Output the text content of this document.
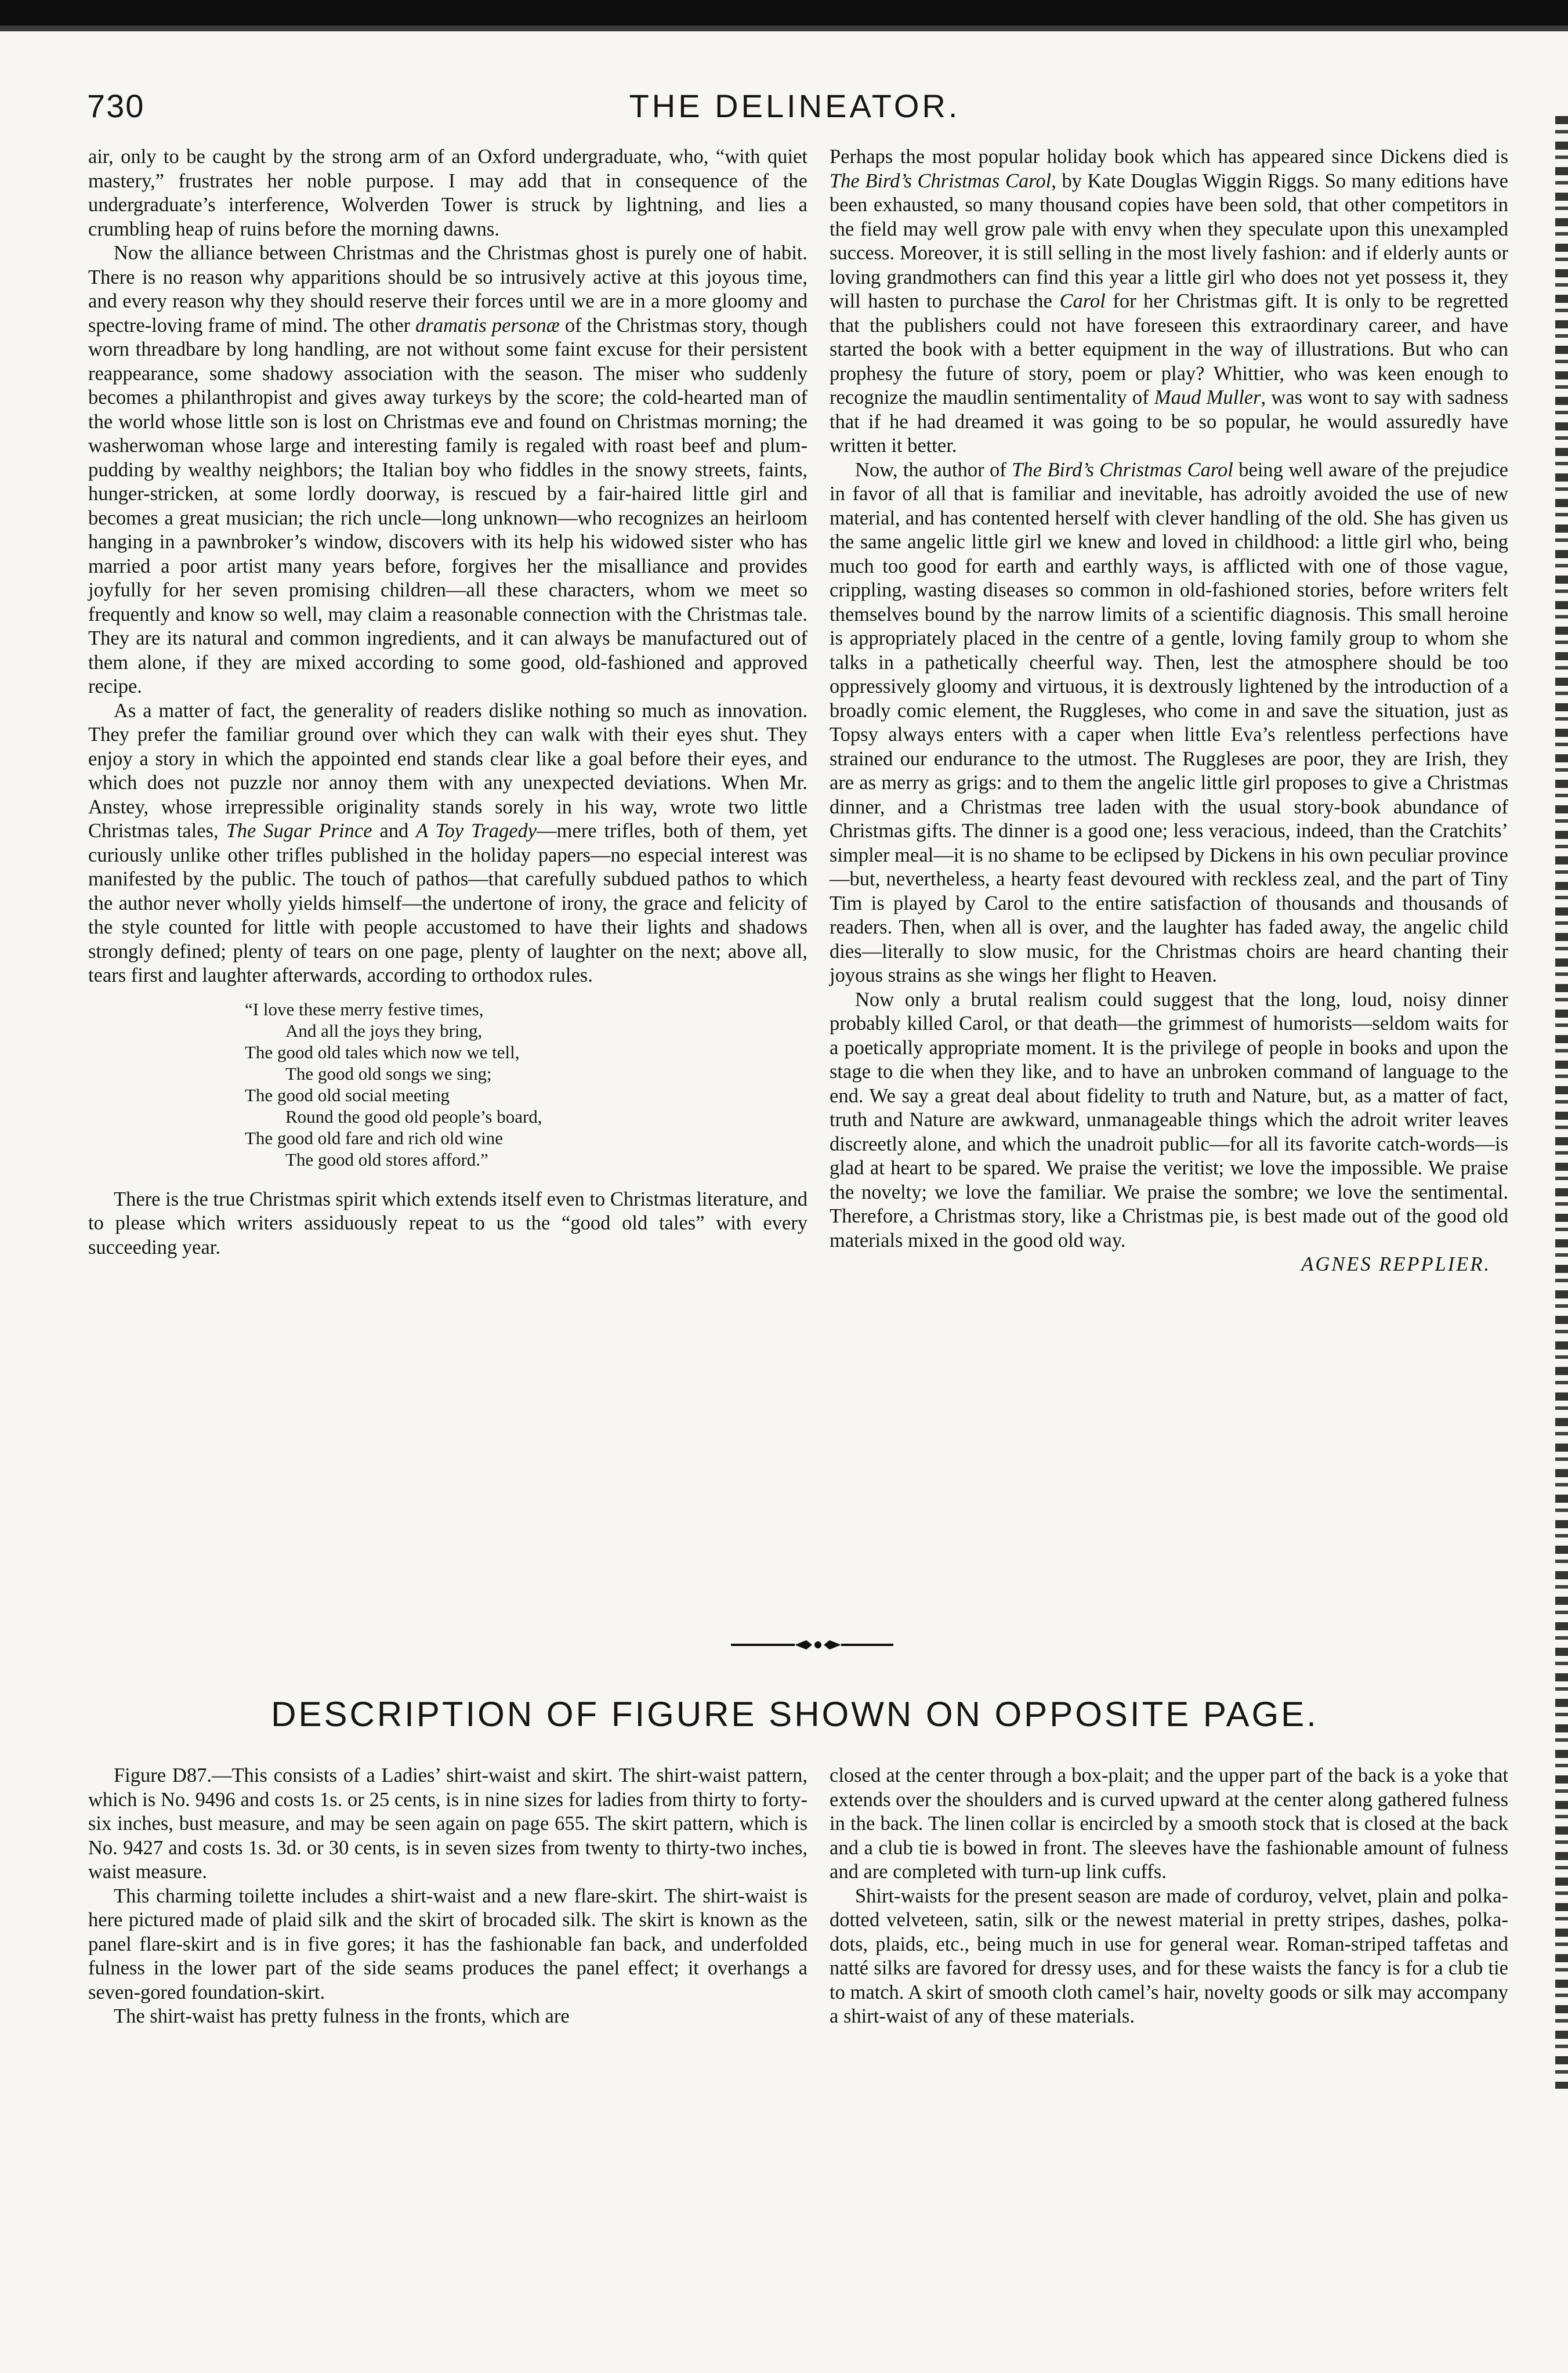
730	THE DELINEATOR.

air, only to be caught by the strong arm of an Oxford undergraduate, who, “with quiet mastery,” frustrates her noble purpose. I may add that in consequence of the undergraduate’s interference, Wolverden Tower is struck by lightning, and lies a crumbling heap of ruins before the morning dawns.

Now the alliance between Christmas and the Christmas ghost is purely one of habit. There is no reason why apparitions should be so intrusively active at this joyous time, and every reason why they should reserve their forces until we are in a more gloomy and spectre-loving frame of mind. The other dramatis personæ of the Christmas story, though worn threadbare by long handling, are not without some faint excuse for their persistent reappearance, some shadowy association with the season. The miser who suddenly becomes a philanthropist and gives away turkeys by the score; the cold-hearted man of the world whose little son is lost on Christmas eve and found on Christmas morning; the washerwoman whose large and interesting family is regaled with roast beef and plum-pudding by wealthy neighbors; the Italian boy who fiddles in the snowy streets, faints, hunger-stricken, at some lordly doorway, is rescued by a fair-haired little girl and becomes a great musician; the rich uncle—long unknown—who recognizes an heirloom hanging in a pawnbroker’s window, discovers with its help his widowed sister who has married a poor artist many years before, forgives her the misalliance and provides joyfully for her seven promising children—all these characters, whom we meet so frequently and know so well, may claim a reasonable connection with the Christmas tale. They are its natural and common ingredients, and it can always be manufactured out of them alone, if they are mixed according to some good, old-fashioned and approved recipe.

As a matter of fact, the generality of readers dislike nothing so much as innovation. They prefer the familiar ground over which they can walk with their eyes shut. They enjoy a story in which the appointed end stands clear like a goal before their eyes, and which does not puzzle nor annoy them with any unexpected deviations. When Mr. Anstey, whose irrepressible originality stands sorely in his way, wrote two little Christmas tales, The Sugar Prince and A Toy Tragedy—mere trifles, both of them, yet curiously unlike other trifles published in the holiday papers—no especial interest was manifested by the public. The touch of pathos—that carefully subdued pathos to which the author never wholly yields himself—the undertone of irony, the grace and felicity of the style counted for little with people accustomed to have their lights and shadows strongly defined; plenty of tears on one page, plenty of laughter on the next; above all, tears first and laughter afterwards, according to orthodox rules.

“I love these merry festive times,
And all the joys they bring,
The good old tales which now we tell,
The good old songs we sing;
The good old social meeting
Round the good old people’s board,
The good old fare and rich old wine
The good old stores afford.”

There is the true Christmas spirit which extends itself even to Christmas literature, and to please which writers assiduously repeat to us the “good old tales” with every succeeding year.

Perhaps the most popular holiday book which has appeared since Dickens died is The Bird’s Christmas Carol, by Kate Douglas Wiggin Riggs. So many editions have been exhausted, so many thousand copies have been sold, that other competitors in the field may well grow pale with envy when they speculate upon this unexampled success. Moreover, it is still selling in the most lively fashion: and if elderly aunts or loving grandmothers can find this year a little girl who does not yet possess it, they will hasten to purchase the Carol for her Christmas gift. It is only to be regretted that the publishers could not have foreseen this extraordinary career, and have started the book with a better equipment in the way of illustrations. But who can prophesy the future of story, poem or play? Whittier, who was keen enough to recognize the maudlin sentimentality of Maud Muller, was wont to say with sadness that if he had dreamed it was going to be so popular, he would assuredly have written it better.

Now, the author of The Bird’s Christmas Carol being well aware of the prejudice in favor of all that is familiar and inevitable, has adroitly avoided the use of new material, and has contented herself with clever handling of the old. She has given us the same angelic little girl we knew and loved in childhood: a little girl who, being much too good for earth and earthly ways, is afflicted with one of those vague, crippling, wasting diseases so common in old-fashioned stories, before writers felt themselves bound by the narrow limits of a scientific diagnosis. This small heroine is appropriately placed in the centre of a gentle, loving family group to whom she talks in a pathetically cheerful way. Then, lest the atmosphere should be too oppressively gloomy and virtuous, it is dextrously lightened by the introduction of a broadly comic element, the Ruggleses, who come in and save the situation, just as Topsy always enters with a caper when little Eva’s relentless perfections have strained our endurance to the utmost. The Ruggleses are poor, they are Irish, they are as merry as grigs: and to them the angelic little girl proposes to give a Christmas dinner, and a Christmas tree laden with the usual story-book abundance of Christmas gifts. The dinner is a good one; less veracious, indeed, than the Cratchits’ simpler meal—it is no shame to be eclipsed by Dickens in his own peculiar province—but, nevertheless, a hearty feast devoured with reckless zeal, and the part of Tiny Tim is played by Carol to the entire satisfaction of thousands and thousands of readers. Then, when all is over, and the laughter has faded away, the angelic child dies—literally to slow music, for the Christmas choirs are heard chanting their joyous strains as she wings her flight to Heaven.

Now only a brutal realism could suggest that the long, loud, noisy dinner probably killed Carol, or that death—the grimmest of humorists—seldom waits for a poetically appropriate moment. It is the privilege of people in books and upon the stage to die when they like, and to have an unbroken command of language to the end. We say a great deal about fidelity to truth and Nature, but, as a matter of fact, truth and Nature are awkward, unmanageable things which the adroit writer leaves discreetly alone, and which the unadroit public—for all its favorite catch-words—is glad at heart to be spared. We praise the veritist; we love the impossible. We praise the novelty; we love the familiar. We praise the sombre; we love the sentimental. Therefore, a Christmas story, like a Christmas pie, is best made out of the good old materials mixed in the good old way.

AGNES REPPLIER.
DESCRIPTION OF FIGURE SHOWN ON OPPOSITE PAGE.

Figure D87.—This consists of a Ladies’ shirt-waist and skirt. The shirt-waist pattern, which is No. 9496 and costs 1s. or 25 cents, is in nine sizes for ladies from thirty to forty-six inches, bust measure, and may be seen again on page 655. The skirt pattern, which is No. 9427 and costs 1s. 3d. or 30 cents, is in seven sizes from twenty to thirty-two inches, waist measure.

This charming toilette includes a shirt-waist and a new flare-skirt. The shirt-waist is here pictured made of plaid silk and the skirt of brocaded silk. The skirt is known as the panel flare-skirt and is in five gores; it has the fashionable fan back, and underfolded fulness in the lower part of the side seams produces the panel effect; it overhangs a seven-gored foundation-skirt.

The shirt-waist has pretty fulness in the fronts, which are

closed at the center through a box-plait; and the upper part of the back is a yoke that extends over the shoulders and is curved upward at the center along gathered fulness in the back. The linen collar is encircled by a smooth stock that is closed at the back and a club tie is bowed in front. The sleeves have the fashionable amount of fulness and are completed with turn-up link cuffs.

Shirt-waists for the present season are made of corduroy, velvet, plain and polka-dotted velveteen, satin, silk or the newest material in pretty stripes, dashes, polka-dots, plaids, etc., being much in use for general wear. Roman-striped taffetas and natté silks are favored for dressy uses, and for these waists the fancy is for a club tie to match. A skirt of smooth cloth camel’s hair, novelty goods or silk may accompany a shirt-waist of any of these materials.
